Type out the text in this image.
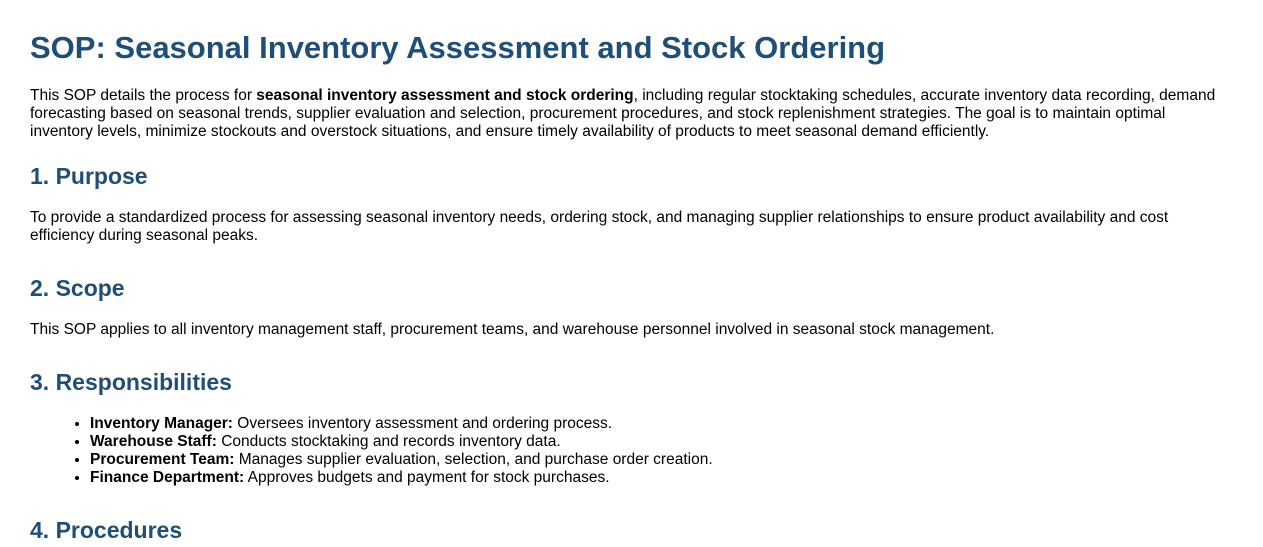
SOP: Seasonal Inventory Assessment and Stock Ordering

This SOP details the process for seasonal inventory assessment and stock ordering, including regular stocktaking schedules, accurate inventory data recording, demand forecasting based on seasonal trends, supplier evaluation and selection, procurement procedures, and stock replenishment strategies. The goal is to maintain optimal inventory levels, minimize stockouts and overstock situations, and ensure timely availability of products to meet seasonal demand efficiently.

1. Purpose

To provide a standardized process for assessing seasonal inventory needs, ordering stock, and managing supplier relationships to ensure product availability and cost efficiency during seasonal peaks.

2. Scope

This SOP applies to all inventory management staff, procurement teams, and warehouse personnel involved in seasonal stock management.

3. Responsibilities
• Inventory Manager: Oversees inventory assessment and ordering process.
• Warehouse Staff: Conducts stocktaking and records inventory data.
• Procurement Team: Manages supplier evaluation, selection, and purchase order creation.
• Finance Department: Approves budgets and payment for stock purchases.
4. Procedures
